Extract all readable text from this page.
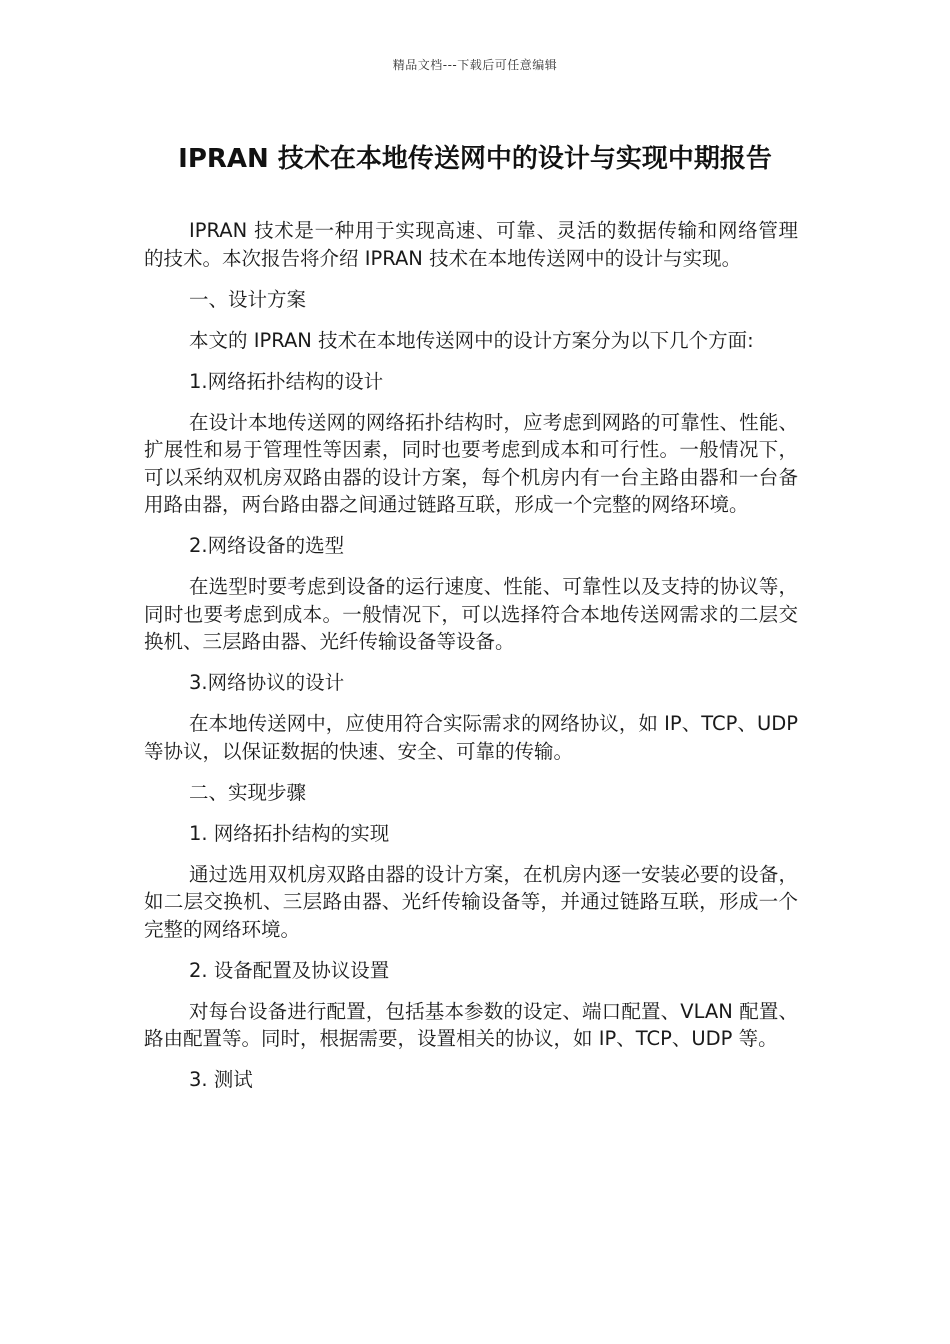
精品文档---下载后可任意编辑
IPRAN 技术在本地传送网中的设计与实现中期报告

IPRAN 技术是一种用于实现高速、可靠、灵活的数据传输和网络管理的技术。本次报告将介绍 IPRAN 技术在本地传送网中的设计与实现。

一、设计方案

本文的 IPRAN 技术在本地传送网中的设计方案分为以下几个方面:

1.网络拓扑结构的设计

在设计本地传送网的网络拓扑结构时，应考虑到网路的可靠性、性能、扩展性和易于管理性等因素，同时也要考虑到成本和可行性。一般情况下，可以采纳双机房双路由器的设计方案，每个机房内有一台主路由器和一台备用路由器，两台路由器之间通过链路互联，形成一个完整的网络环境。

2.网络设备的选型

在选型时要考虑到设备的运行速度、性能、可靠性以及支持的协议等，同时也要考虑到成本。一般情况下，可以选择符合本地传送网需求的二层交换机、三层路由器、光纤传输设备等设备。

3.网络协议的设计

在本地传送网中，应使用符合实际需求的网络协议，如 IP、TCP、UDP 等协议，以保证数据的快速、安全、可靠的传输。

二、实现步骤

1. 网络拓扑结构的实现

通过选用双机房双路由器的设计方案，在机房内逐一安装必要的设备，如二层交换机、三层路由器、光纤传输设备等，并通过链路互联，形成一个完整的网络环境。

2. 设备配置及协议设置

对每台设备进行配置，包括基本参数的设定、端口配置、VLAN 配置、路由配置等。同时，根据需要，设置相关的协议，如 IP、TCP、UDP 等。

3. 测试
